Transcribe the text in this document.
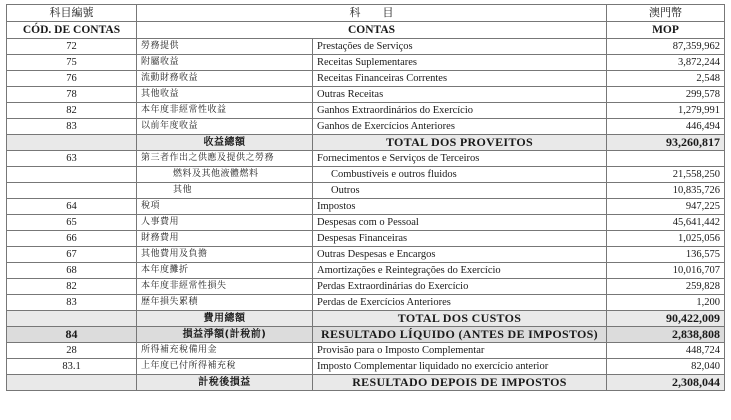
科目編號	科　　目		澳門幣
CÓD. DE CONTAS	CONTAS		MOP
72	勞務提供	Prestações de Serviços	87,359,962
75	附屬收益	Receitas Suplementares	3,872,244
76	流動財務收益	Receitas Financeiras Correntes	2,548
78	其他收益	Outras Receitas	299,578
82	本年度非經常性收益	Ganhos Extraordinários do Exercício	1,279,991
83	以前年度收益	Ganhos de Exercícios Anteriores	446,494
	收益總額	TOTAL DOS PROVEITOS	93,260,817
63	第三者作出之供應及提供之勞務	Fornecimentos e Serviços de Terceiros	
	燃料及其他液體燃料	Combustíveis e outros fluidos	21,558,250
	其他	Outros	10,835,726
64	稅項	Impostos	947,225
65	人事費用	Despesas com o Pessoal	45,641,442
66	財務費用	Despesas Financeiras	1,025,056
67	其他費用及負擔	Outras Despesas e Encargos	136,575
68	本年度攤折	Amortizações e Reintegrações do Exercício	10,016,707
82	本年度非經常性損失	Perdas Extraordinárias do Exercício	259,828
83	歷年損失累積	Perdas de Exercícios Anteriores	1,200
	費用總額	TOTAL DOS CUSTOS	90,422,009
84	損益淨額(計稅前)	RESULTADO LÍQUIDO (ANTES DE IMPOSTOS)	2,838,808
28	所得補充稅備用金	Provisão para o Imposto Complementar	448,724
83.1	上年度已付所得補充稅	Imposto Complementar liquidado no exercício anterior	82,040
	計稅後損益	RESULTADO DEPOIS DE IMPOSTOS	2,308,044
